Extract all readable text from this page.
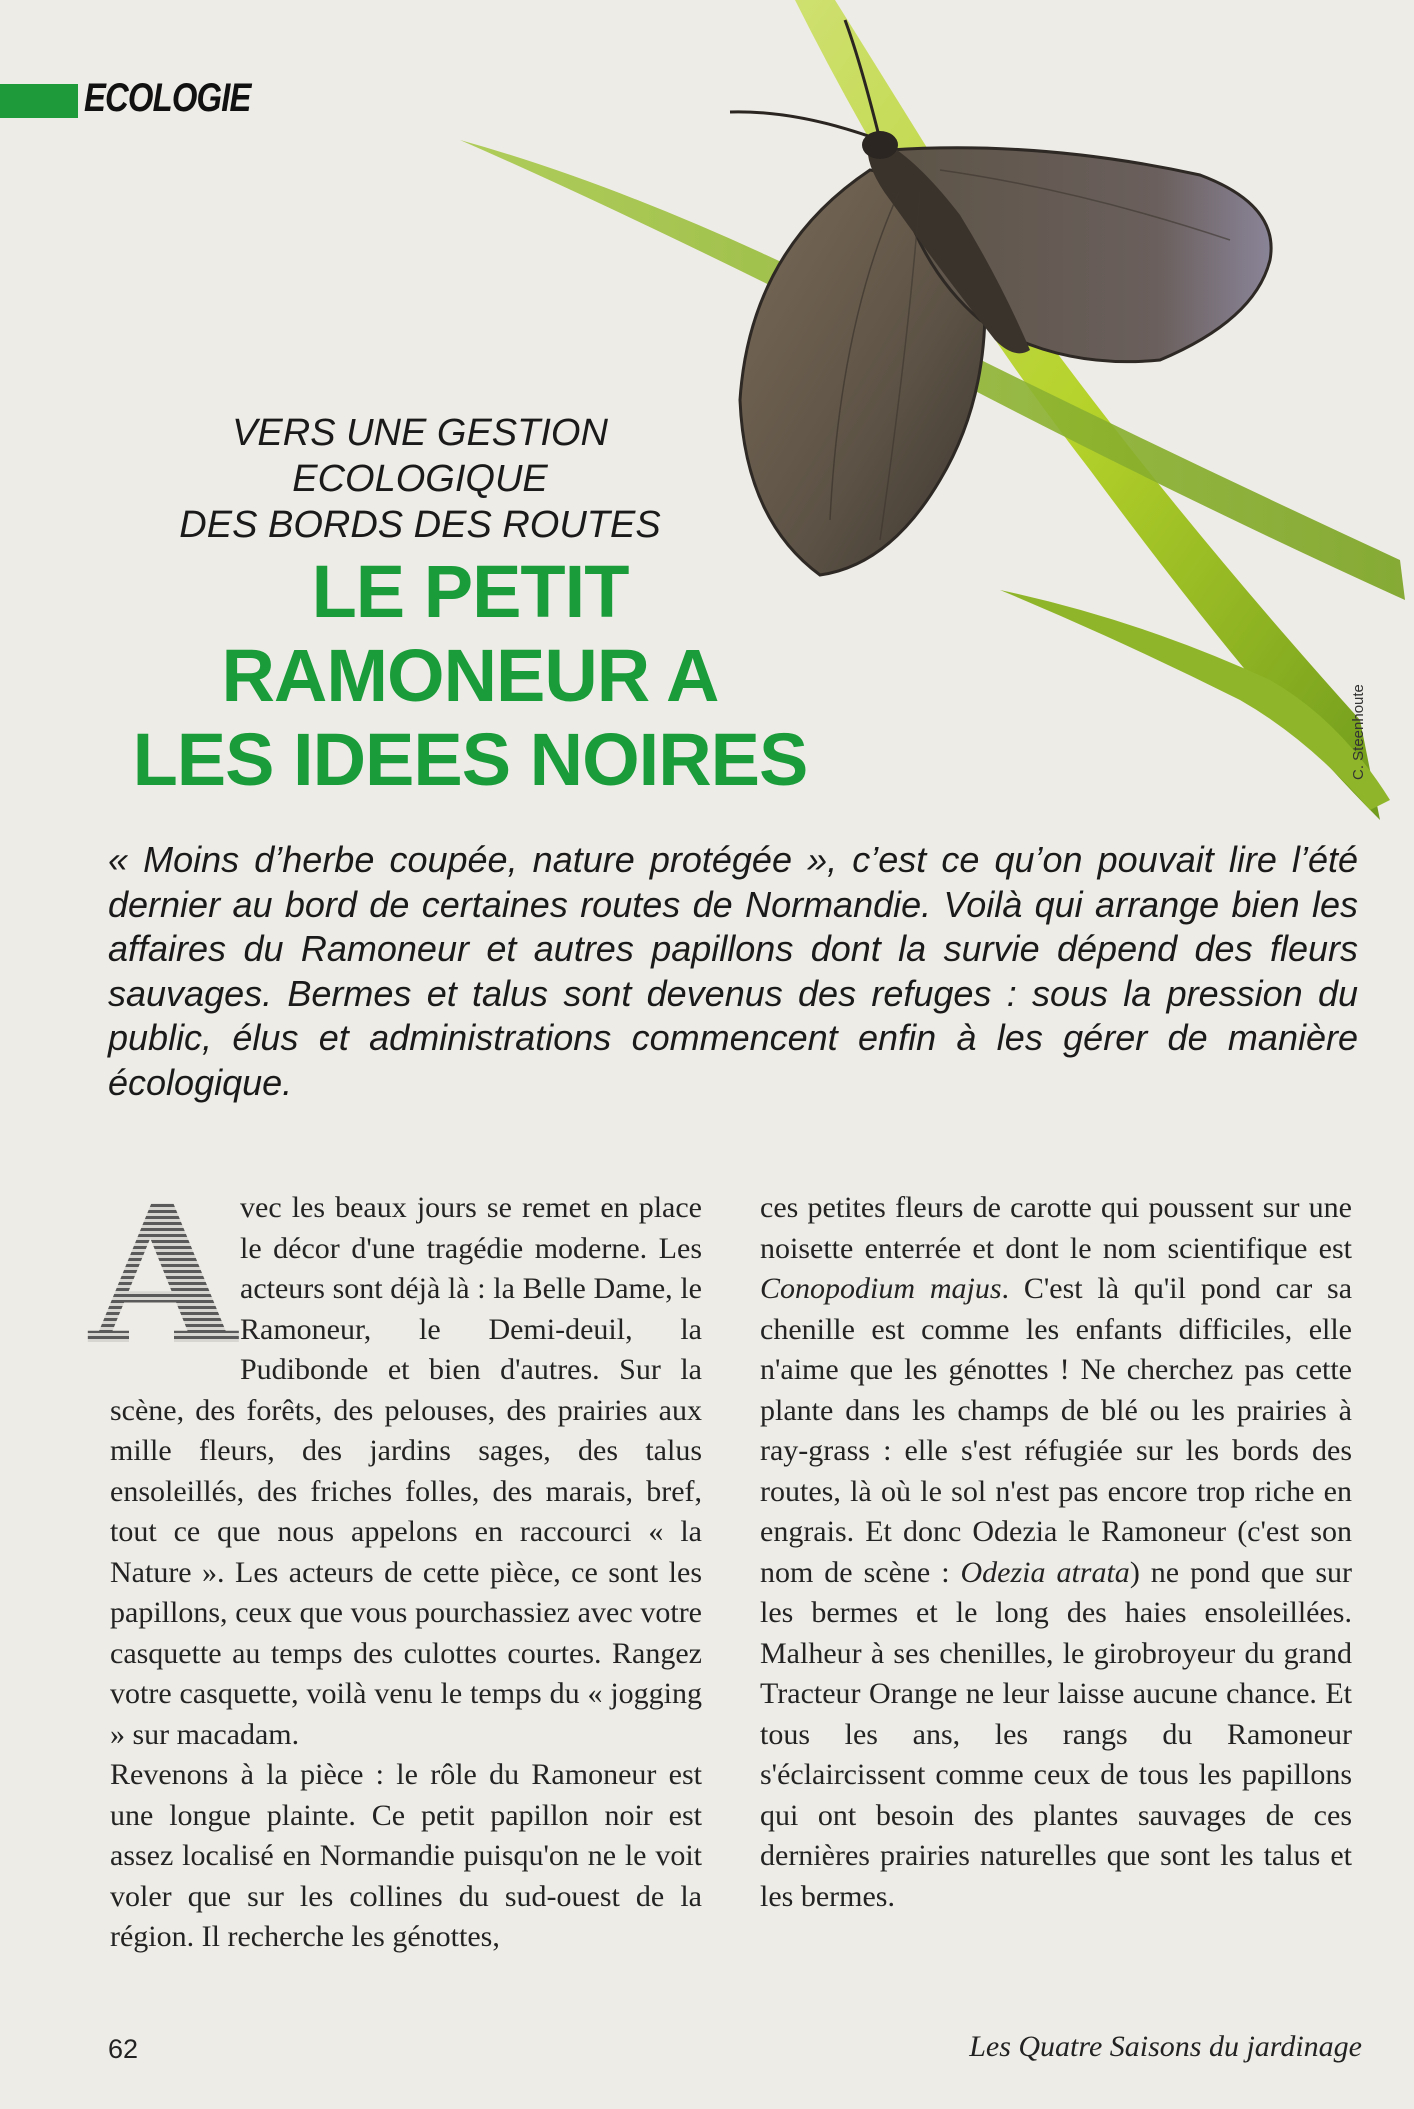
ECOLOGIE
C. Steenhoute
VERS UNE GESTION ECOLOGIQUE
DES BORDS DES ROUTES
LE PETIT RAMONEUR A
LES IDEES NOIRES
« Moins d’herbe coupée, nature protégée », c’est ce qu’on pouvait lire l’été dernier au bord de certaines routes de Normandie. Voilà qui arrange bien les affaires du Ramoneur et autres papillons dont la survie dépend des fleurs sauvages. Bermes et talus sont devenus des refuges : sous la pression du public, élus et administrations commencent enfin à les gérer de manière écologique.
A vec les beaux jours se remet en place le décor d'une tragédie moderne. Les acteurs sont déjà là : la Belle Dame, le Ramoneur, le Demi-deuil, la Pudibonde et bien d'autres. Sur la scène, des forêts, des pelouses, des prairies aux mille fleurs, des jardins sages, des talus ensoleillés, des friches folles, des marais, bref, tout ce que nous appelons en raccourci « la Nature ». Les acteurs de cette pièce, ce sont les papillons, ceux que vous pourchassiez avec votre casquette au temps des culottes courtes. Rangez votre casquette, voilà venu le temps du « jogging » sur macadam.

Revenons à la pièce : le rôle du Ramoneur est une longue plainte. Ce petit papillon noir est assez localisé en Normandie puisqu'on ne le voit voler que sur les collines du sud-ouest de la région. Il recherche les génottes,

ces petites fleurs de carotte qui poussent sur une noisette enterrée et dont le nom scientifique est Conopodium majus. C'est là qu'il pond car sa chenille est comme les enfants difficiles, elle n'aime que les génottes ! Ne cherchez pas cette plante dans les champs de blé ou les prairies à ray-grass : elle s'est réfugiée sur les bords des routes, là où le sol n'est pas encore trop riche en engrais. Et donc Odezia le Ramoneur (c'est son nom de scène : Odezia atrata) ne pond que sur les bermes et le long des haies ensoleillées. Malheur à ses chenilles, le girobroyeur du grand Tracteur Orange ne leur laisse aucune chance. Et tous les ans, les rangs du Ramoneur s'éclaircissent comme ceux de tous les papillons qui ont besoin des plantes sauvages de ces dernières prairies naturelles que sont les talus et les bermes.

62	Les Quatre Saisons du jardinage
